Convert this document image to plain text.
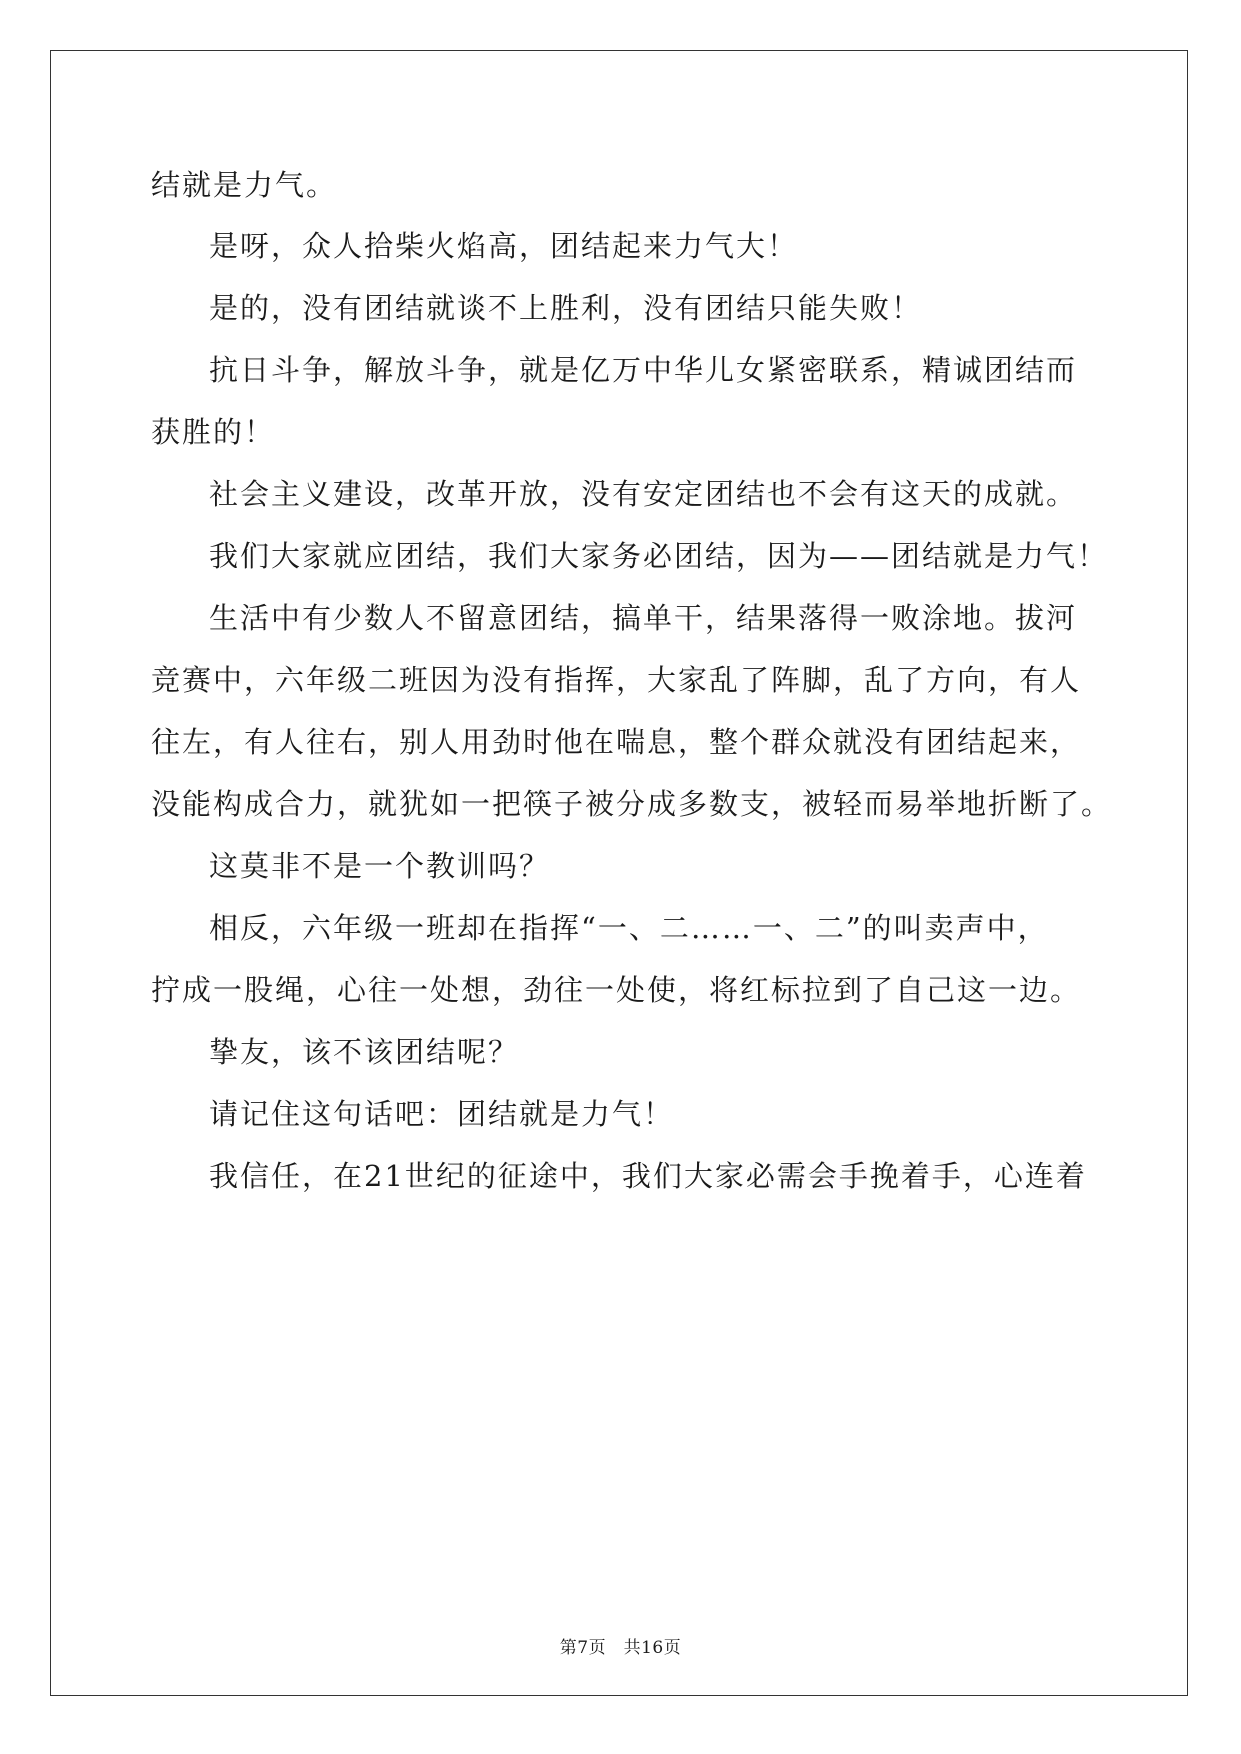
结就是力气。
是呀，众人拾柴火焰高，团结起来力气大！
是的，没有团结就谈不上胜利，没有团结只能失败！
抗日斗争，解放斗争，就是亿万中华儿女紧密联系，精诚团结而
获胜的！
社会主义建设，改革开放，没有安定团结也不会有这天的成就。
我们大家就应团结，我们大家务必团结，因为——团结就是力气！
生活中有少数人不留意团结，搞单干，结果落得一败涂地。拔河
竞赛中，六年级二班因为没有指挥，大家乱了阵脚，乱了方向，有人
往左，有人往右，别人用劲时他在喘息，整个群众就没有团结起来，
没能构成合力，就犹如一把筷子被分成多数支，被轻而易举地折断了。
这莫非不是一个教训吗？
相反，六年级一班却在指挥“一、二……一、二”的叫卖声中，
拧成一股绳，心往一处想，劲往一处使，将红标拉到了自己这一边。
挚友，该不该团结呢？
请记住这句话吧：团结就是力气！
我信任，在21世纪的征途中，我们大家必需会手挽着手，心连着
第7页　共16页
